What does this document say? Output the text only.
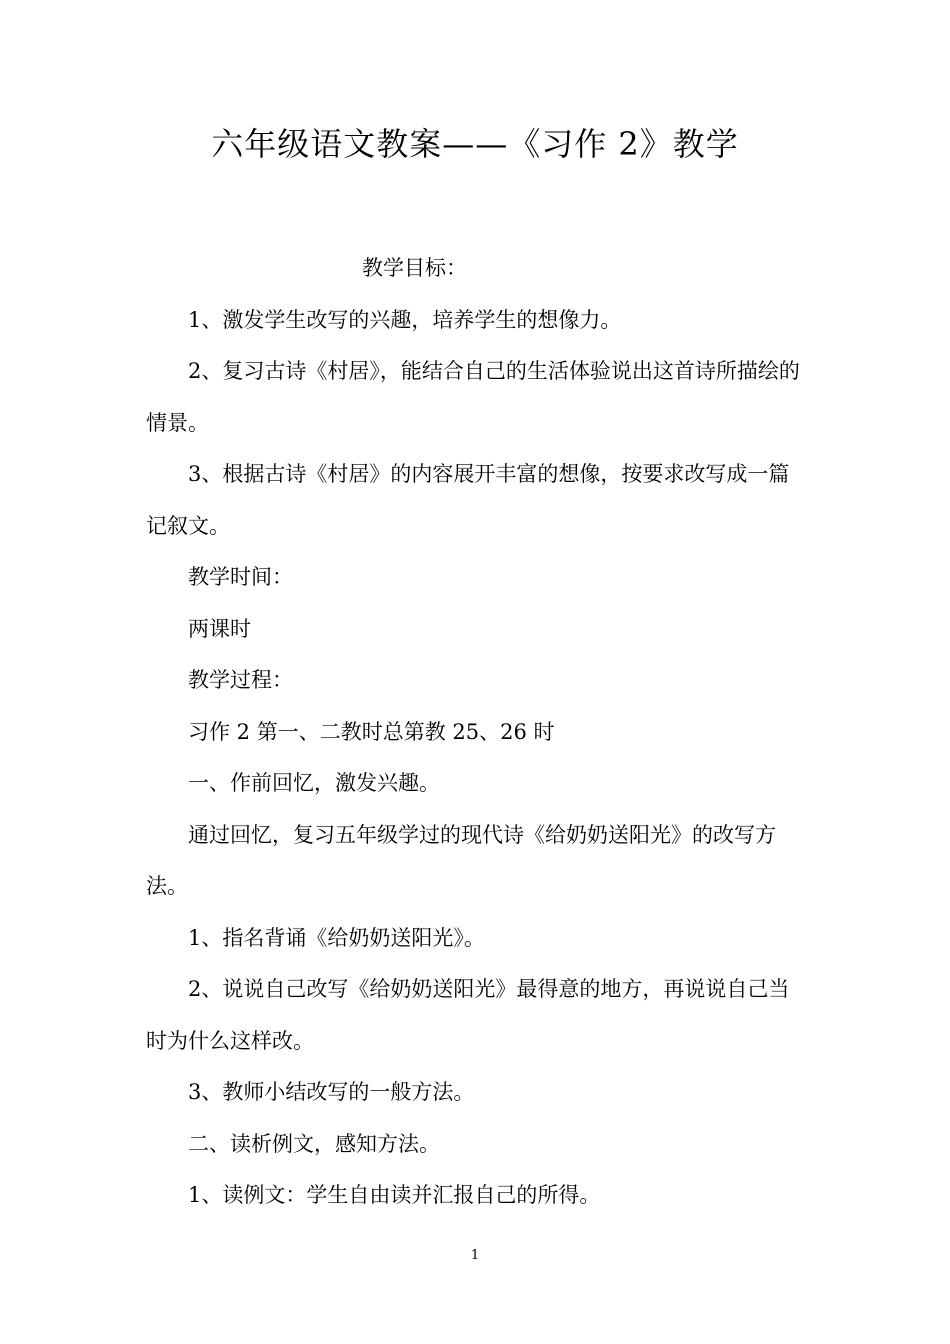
六年级语文教案——《习作 2》教学

教学目标：

1、激发学生改写的兴趣，培养学生的想像力。

2、复习古诗《村居》，能结合自己的生活体验说出这首诗所描绘的情景。

3、根据古诗《村居》的内容展开丰富的想像，按要求改写成一篇记叙文。

教学时间：

两课时

教学过程：

习作 2 第一、二教时总第教 25、26 时

一、作前回忆，激发兴趣。

通过回忆，复习五年级学过的现代诗《给奶奶送阳光》的改写方法。

1、指名背诵《给奶奶送阳光》。

2、说说自己改写《给奶奶送阳光》最得意的地方，再说说自己当时为什么这样改。

3、教师小结改写的一般方法。

二、读析例文，感知方法。

1、读例文：学生自由读并汇报自己的所得。

1
